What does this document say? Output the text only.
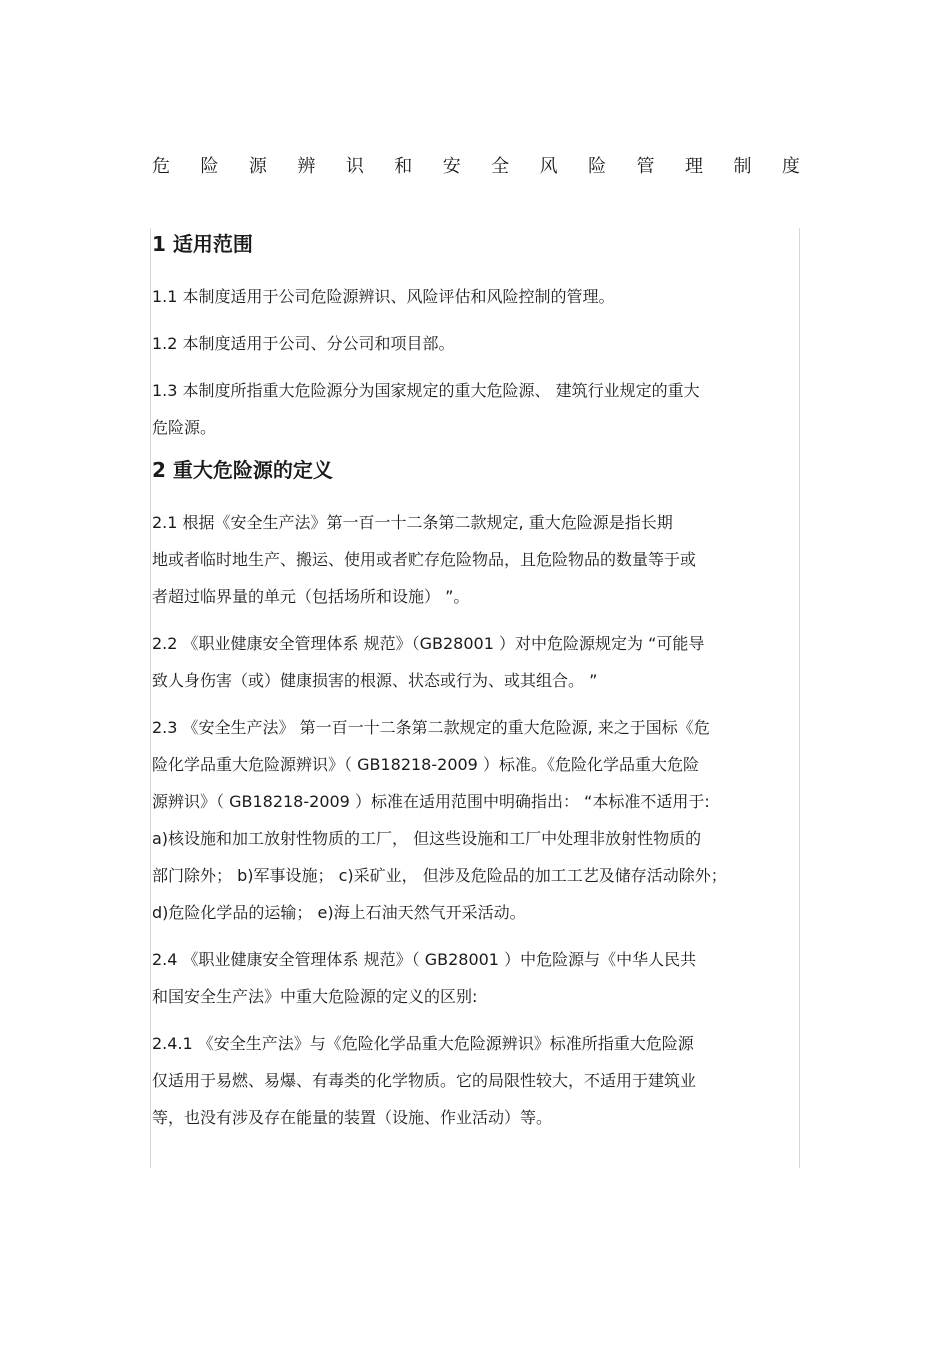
危 险 源 辨 识 和 安 全 风 险 管 理 制 度
1 适用范围

1.1 本制度适用于公司危险源辨识、风险评估和风险控制的管理。

1.2 本制度适用于公司、分公司和项目部。

1.3 本制度所指重大危险源分为国家规定的重大危险源、 建筑行业规定的重大

危险源。

2 重大危险源的定义

2.1 根据《安全生产法》第一百一十二条第二款规定, 重大危险源是指长期

地或者临时地生产、搬运、使用或者贮存危险物品，且危险物品的数量等于或

者超过临界量的单元（包括场所和设施） ”。

2.2 《职业健康安全管理体系 规范》（GB28001 ）对中危险源规定为 “可能导

致人身伤害（或）健康损害的根源、状态或行为、或其组合。 ”

2.3 《安全生产法》 第一百一十二条第二款规定的重大危险源, 来之于国标《危

险化学品重大危险源辨识》（ GB18218-2009 ）标准。《危险化学品重大危险

源辨识》（ GB18218-2009 ）标准在适用范围中明确指出： “本标准不适用于:

a)核设施和加工放射性物质的工厂， 但这些设施和工厂中处理非放射性物质的

部门除外； b)军事设施； c)采矿业， 但涉及危险品的加工工艺及储存活动除外；

d)危险化学品的运输； e)海上石油天然气开采活动。

2.4 《职业健康安全管理体系 规范》（ GB28001 ）中危险源与《中华人民共

和国安全生产法》中重大危险源的定义的区别:

2.4.1 《安全生产法》与《危险化学品重大危险源辨识》标准所指重大危险源

仅适用于易燃、易爆、有毒类的化学物质。它的局限性较大，不适用于建筑业

等，也没有涉及存在能量的装置（设施、作业活动）等。
